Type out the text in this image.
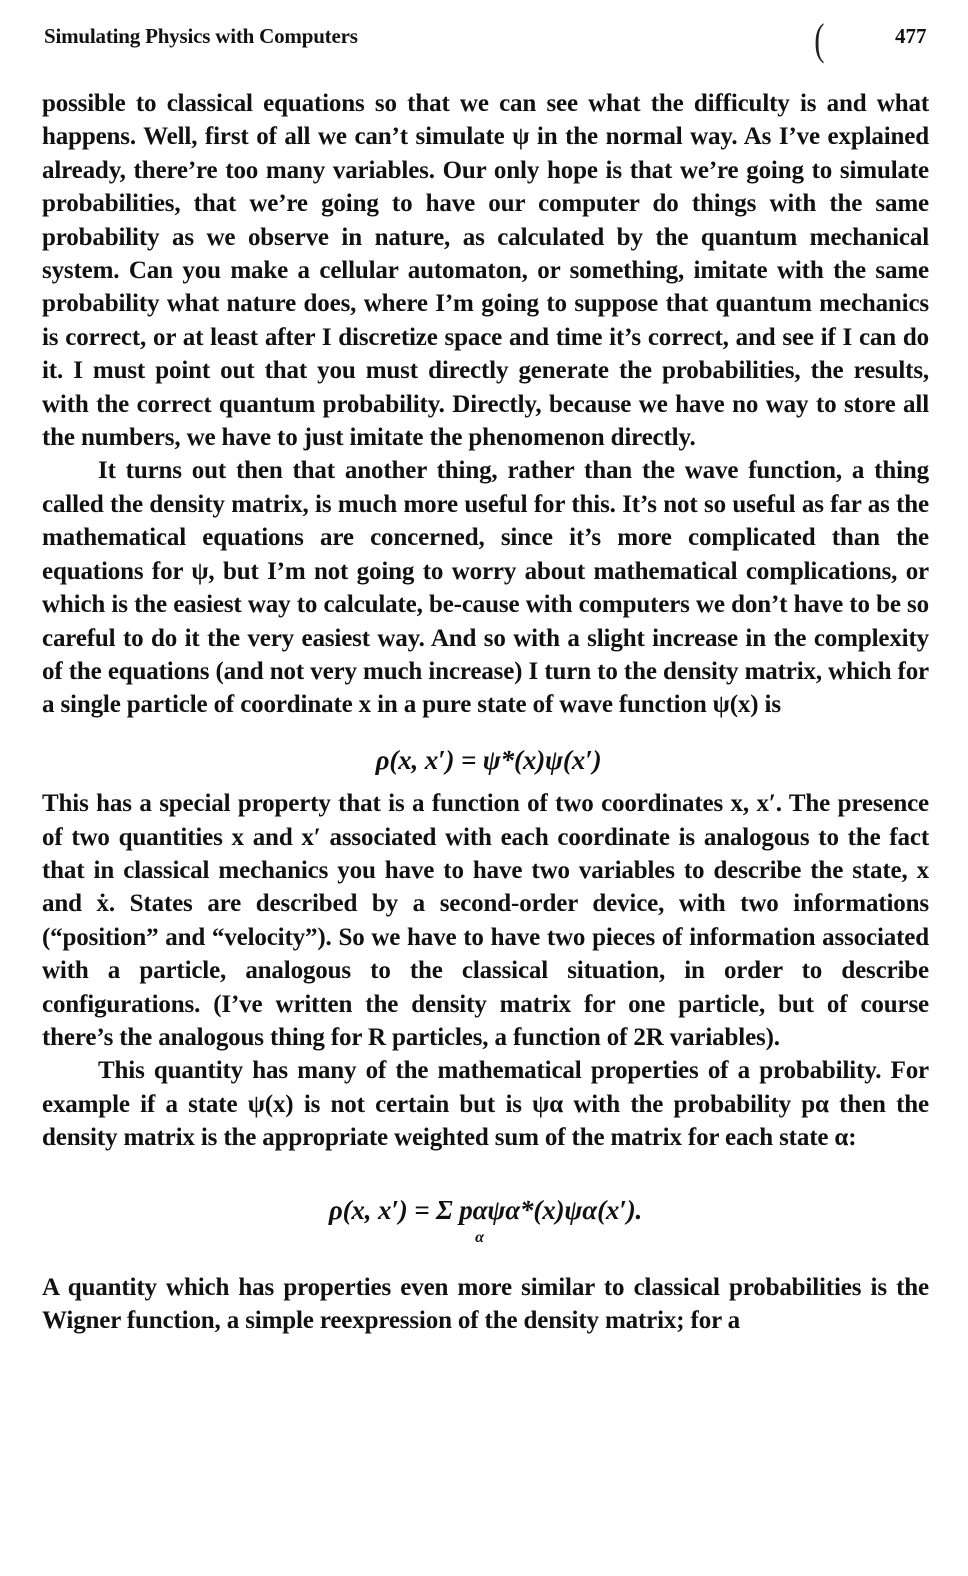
Simulating Physics with Computers	(	477

possible to classical equations so that we can see what the difficulty is and what happens. Well, first of all we can’t simulate ψ in the normal way. As I’ve explained already, there’re too many variables. Our only hope is that we’re going to simulate probabilities, that we’re going to have our computer do things with the same probability as we observe in nature, as calculated by the quantum mechanical system. Can you make a cellular automaton, or something, imitate with the same probability what nature does, where I’m going to suppose that quantum mechanics is correct, or at least after I discretize space and time it’s correct, and see if I can do it. I must point out that you must directly generate the probabilities, the results, with the correct quantum probability. Directly, because we have no way to store all the numbers, we have to just imitate the phenomenon directly.

It turns out then that another thing, rather than the wave function, a thing called the density matrix, is much more useful for this. It’s not so useful as far as the mathematical equations are concerned, since it’s more complicated than the equations for ψ, but I’m not going to worry about mathematical complications, or which is the easiest way to calculate, be-cause with computers we don’t have to be so careful to do it the very easiest way. And so with a slight increase in the complexity of the equations (and not very much increase) I turn to the density matrix, which for a single particle of coordinate x in a pure state of wave function ψ(x) is

ρ(x, x′) = ψ*(x)ψ(x′)

This has a special property that is a function of two coordinates x, x′. The presence of two quantities x and x′ associated with each coordinate is analogous to the fact that in classical mechanics you have to have two variables to describe the state, x and ẋ. States are described by a second-order device, with two informations (“position” and “velocity”). So we have to have two pieces of information associated with a particle, analogous to the classical situation, in order to describe configurations. (I’ve written the density matrix for one particle, but of course there’s the analogous thing for R particles, a function of 2R variables).

This quantity has many of the mathematical properties of a probability. For example if a state ψ(x) is not certain but is ψα with the probability pα then the density matrix is the appropriate weighted sum of the matrix for each state α:

ρ(x, x′) = Σ pαψα*(x)ψα(x′).

α

A quantity which has properties even more similar to classical probabilities is the Wigner function, a simple reexpression of the density matrix; for a
